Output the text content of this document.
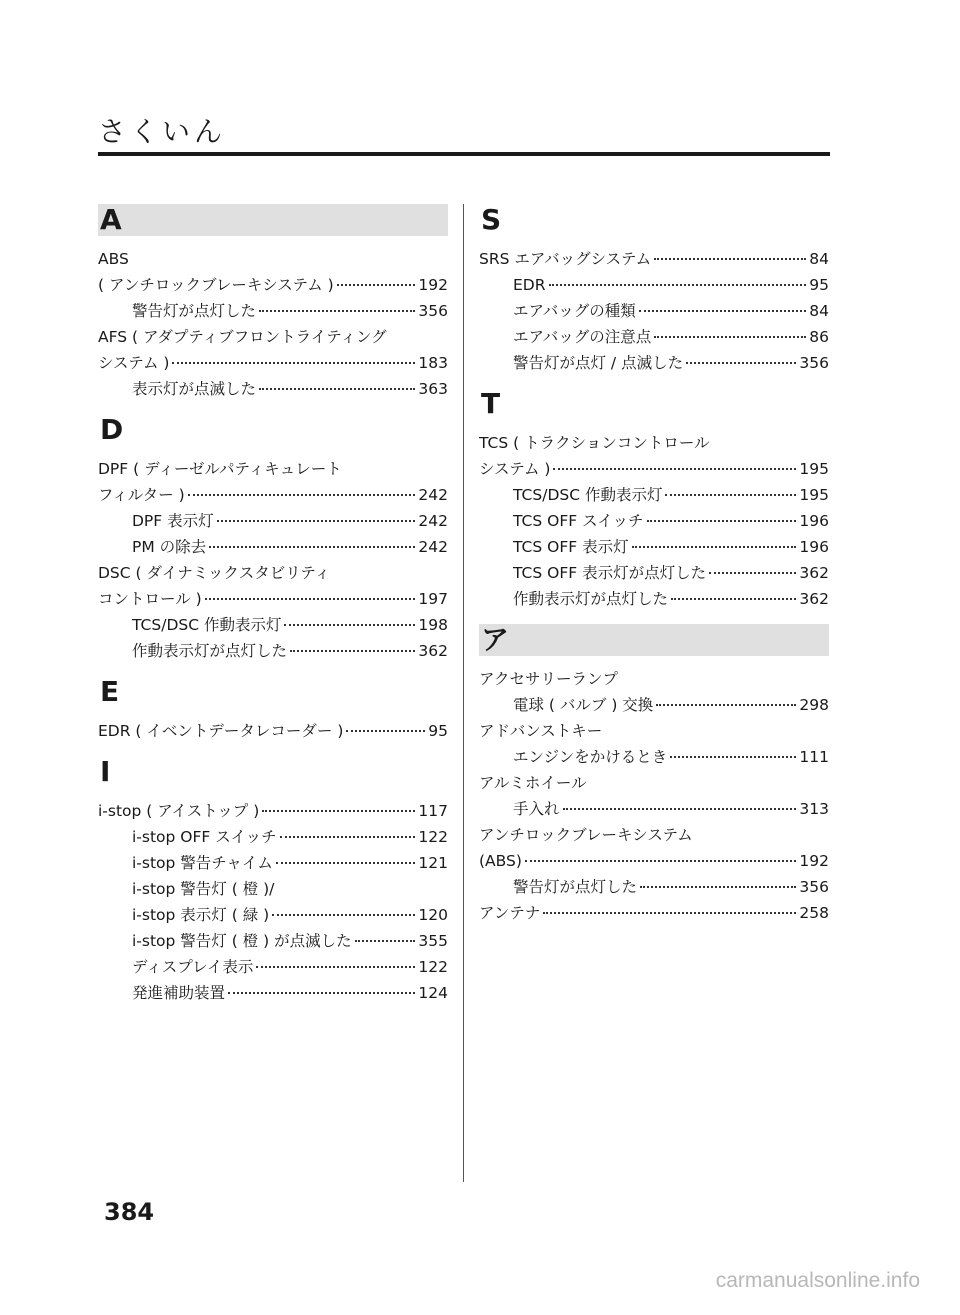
さくいん
A
ABS
( アンチロックブレーキシステム )	192
警告灯が点灯した	356
AFS ( アダプティブフロントライティング
システム )	183
表示灯が点滅した	363
D
DPF ( ディーゼルパティキュレート
フィルター )	242
DPF 表示灯	242
PM の除去	242
DSC ( ダイナミックスタビリティ
コントロール )	197
TCS/DSC 作動表示灯	198
作動表示灯が点灯した	362
E
EDR ( イベントデータレコーダー )	95
I
i-stop ( アイストップ )	117
i-stop OFF スイッチ	122
i-stop 警告チャイム	121
i-stop 警告灯 ( 橙 )/
i-stop 表示灯 ( 緑 )	120
i-stop 警告灯 ( 橙 ) が点滅した	355
ディスプレイ表示	122
発進補助装置	124
S
SRS エアバッグシステム	84
EDR	95
エアバッグの種類	84
エアバッグの注意点	86
警告灯が点灯 / 点滅した	356
T
TCS ( トラクションコントロール
システム )	195
TCS/DSC 作動表示灯	195
TCS OFF スイッチ	196
TCS OFF 表示灯	196
TCS OFF 表示灯が点灯した	362
作動表示灯が点灯した	362
ア
アクセサリーランプ
電球 ( バルブ ) 交換	298
アドバンストキー
エンジンをかけるとき	111
アルミホイール
手入れ	313
アンチロックブレーキシステム
(ABS)	192
警告灯が点灯した	356
アンテナ	258
384
carmanualsonline.info
